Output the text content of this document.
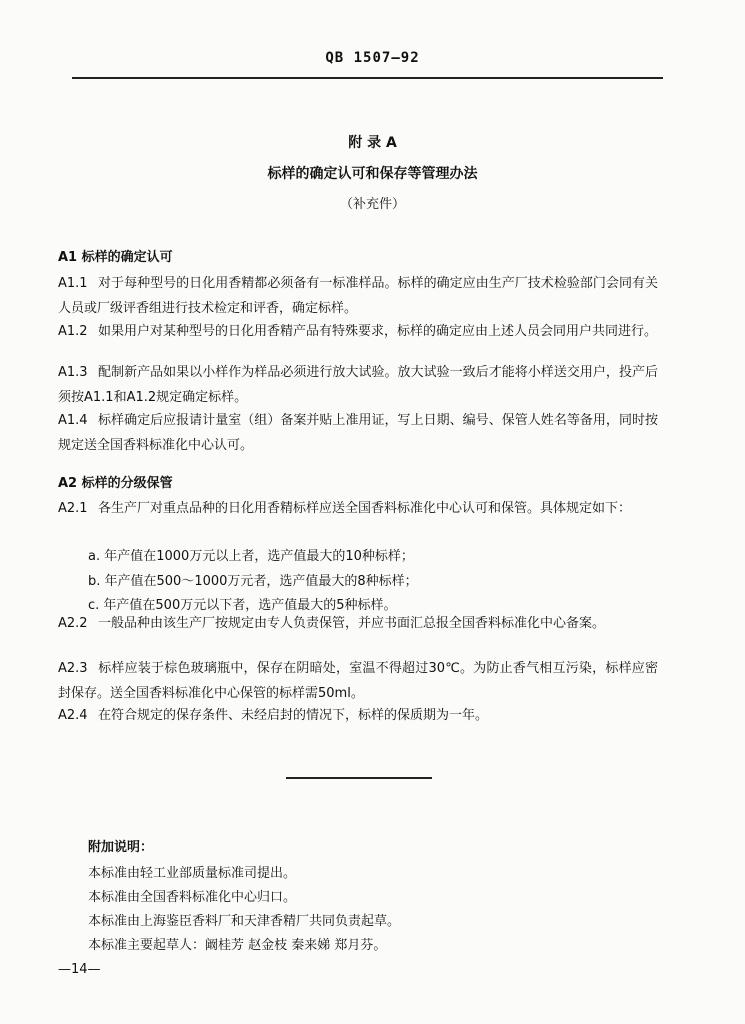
QB 1507—92
附 录 A
标样的确定认可和保存等管理办法
（补充件）
A1 标样的确定认可
A1.1 对于每种型号的日化用香精都必须备有一标准样品。标样的确定应由生产厂技术检验部门会同有关人员或厂级评香组进行技术检定和评香，确定标样。
A1.2 如果用户对某种型号的日化用香精产品有特殊要求，标样的确定应由上述人员会同用户共同进行。
A1.3 配制新产品如果以小样作为样品必须进行放大试验。放大试验一致后才能将小样送交用户，投产后须按A1.1和A1.2规定确定标样。
A1.4 标样确定后应报请计量室（组）备案并贴上准用证，写上日期、编号、保管人姓名等备用，同时按规定送全国香料标准化中心认可。
A2 标样的分级保管
A2.1 各生产厂对重点品种的日化用香精标样应送全国香料标准化中心认可和保管。具体规定如下：
a. 年产值在1000万元以上者，选产值最大的10种标样；
b. 年产值在500～1000万元者，选产值最大的8种标样；
c. 年产值在500万元以下者，选产值最大的5种标样。
A2.2 一般品种由该生产厂按规定由专人负责保管，并应书面汇总报全国香料标准化中心备案。
A2.3 标样应装于棕色玻璃瓶中，保存在阴暗处，室温不得超过30℃。为防止香气相互污染，标样应密封保存。送全国香料标准化中心保管的标样需50ml。
A2.4 在符合规定的保存条件、未经启封的情况下，标样的保质期为一年。
附加说明：
本标准由轻工业部质量标准司提出。
本标准由全国香料标准化中心归口。
本标准由上海鉴臣香料厂和天津香精厂共同负责起草。
本标准主要起草人：阚桂芳 赵金枝 秦来娣 郑月芬。
—14—
